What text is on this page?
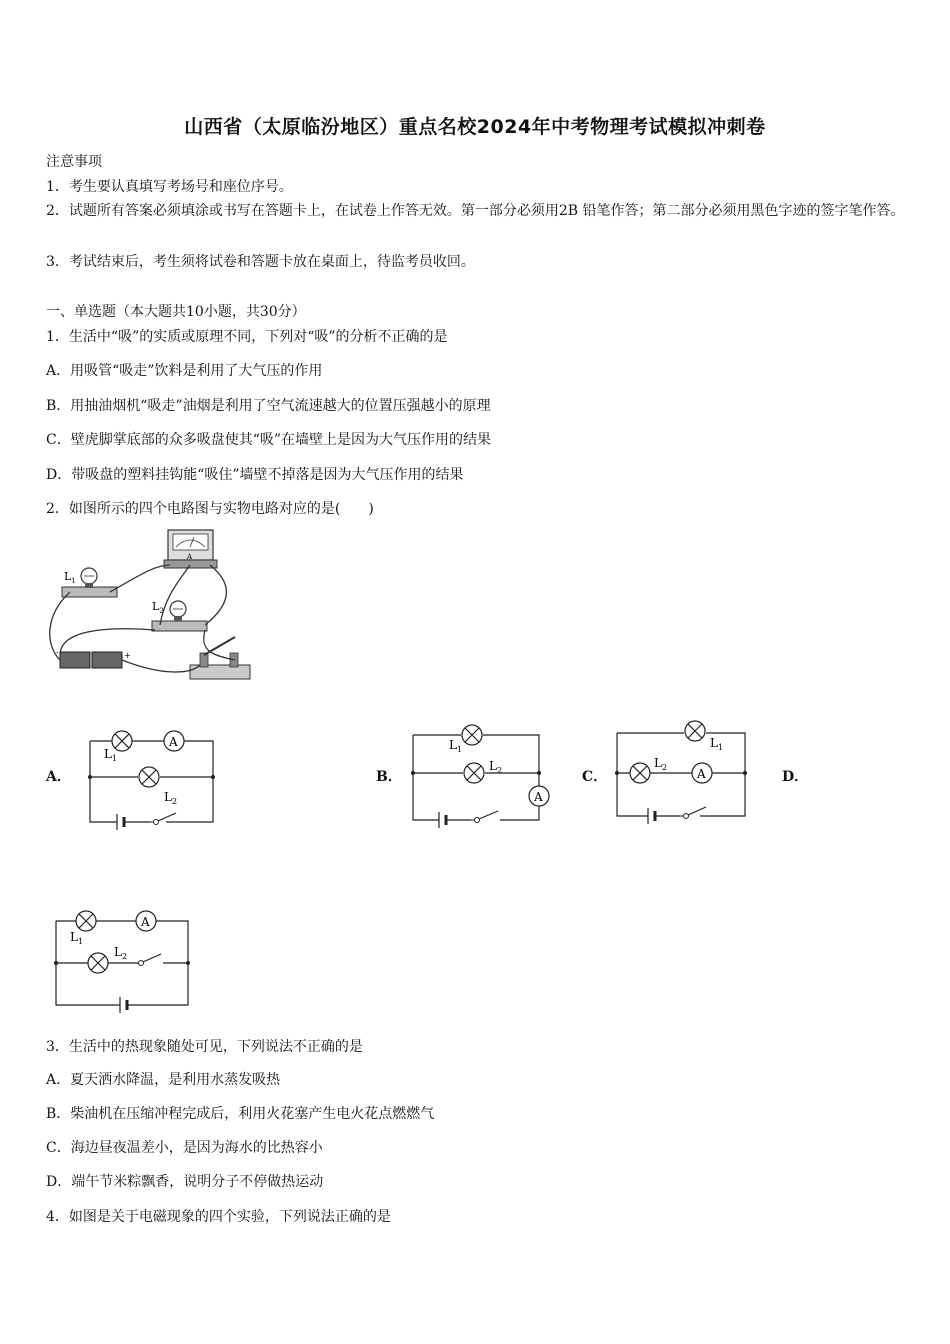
山西省（太原临汾地区）重点名校2024年中考物理考试模拟冲刺卷
注意事项
1．考生要认真填写考场号和座位序号。
2．试题所有答案必须填涂或书写在答题卡上，在试卷上作答无效。第一部分必须用2B 铅笔作答；第二部分必须用黑色字迹的签字笔作答。
3．考试结束后，考生须将试卷和答题卡放在桌面上，待监考员收回。
一、单选题（本大题共10小题，共30分）
1．生活中“吸”的实质或原理不同，下列对“吸”的分析不正确的是
A．用吸管“吸走”饮料是利用了大气压的作用
B．用抽油烟机“吸走”油烟是利用了空气流速越大的位置压强越小的原理
C．壁虎脚掌底部的众多吸盘使其“吸”在墙壁上是因为大气压作用的结果
D．带吸盘的塑料挂钩能“吸住”墙壁不掉落是因为大气压作用的结果
2．如图所示的四个电路图与实物电路对应的是(　　)
A
$L_1$
$L_2$
-	+
A．	B．	C．	D．
A
$L_1$
$L_2$	A
$L_1$
$L_2$	A
$L_1$
$L_2$
A
$L_1$
$L_2$
3．生活中的热现象随处可见，下列说法不正确的是
A．夏天洒水降温，是利用水蒸发吸热
B．柴油机在压缩冲程完成后，利用火花塞产生电火花点燃燃气
C．海边昼夜温差小，是因为海水的比热容小
D．端午节米粽飘香，说明分子不停做热运动
4．如图是关于电磁现象的四个实验，下列说法正确的是
